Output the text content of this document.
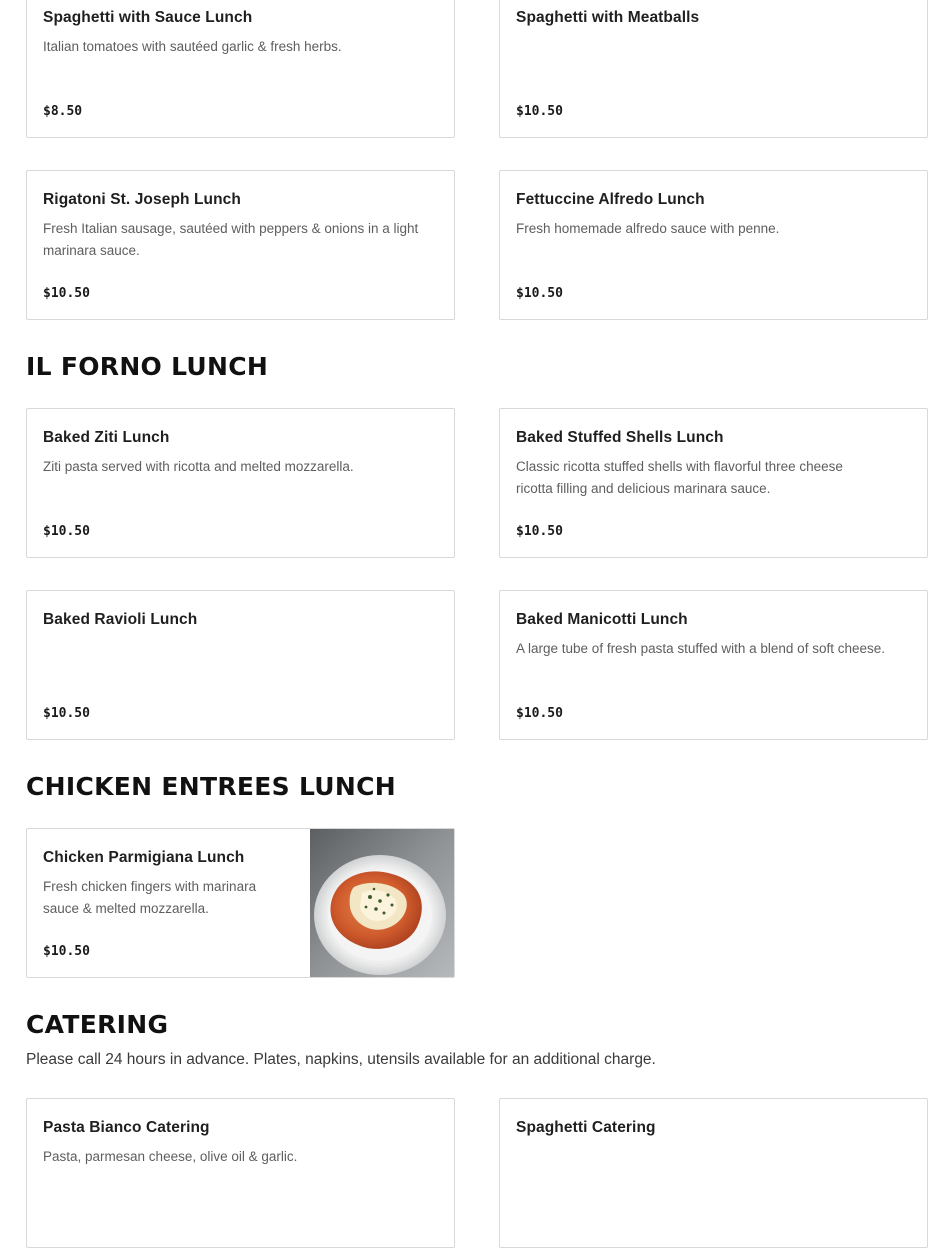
Spaghetti with Sauce Lunch
Italian tomatoes with sautéed garlic & fresh herbs.
$8.50
Spaghetti with Meatballs
$10.50
Rigatoni St. Joseph Lunch
Fresh Italian sausage, sautéed with peppers & onions in a light marinara sauce.
$10.50
Fettuccine Alfredo Lunch
Fresh homemade alfredo sauce with penne.
$10.50
IL FORNO LUNCH
Baked Ziti Lunch
Ziti pasta served with ricotta and melted mozzarella.
$10.50
Baked Stuffed Shells Lunch
Classic ricotta stuffed shells with flavorful three cheese ricotta filling and delicious marinara sauce.
$10.50
Baked Ravioli Lunch
$10.50
Baked Manicotti Lunch
A large tube of fresh pasta stuffed with a blend of soft cheese.
$10.50
CHICKEN ENTREES LUNCH
Chicken Parmigiana Lunch
Fresh chicken fingers with marinara sauce & melted mozzarella.
$10.50
CATERING

Please call 24 hours in advance. Plates, napkins, utensils available for an additional charge.

Pasta Bianco Catering
Pasta, parmesan cheese, olive oil & garlic.
Spaghetti Catering
